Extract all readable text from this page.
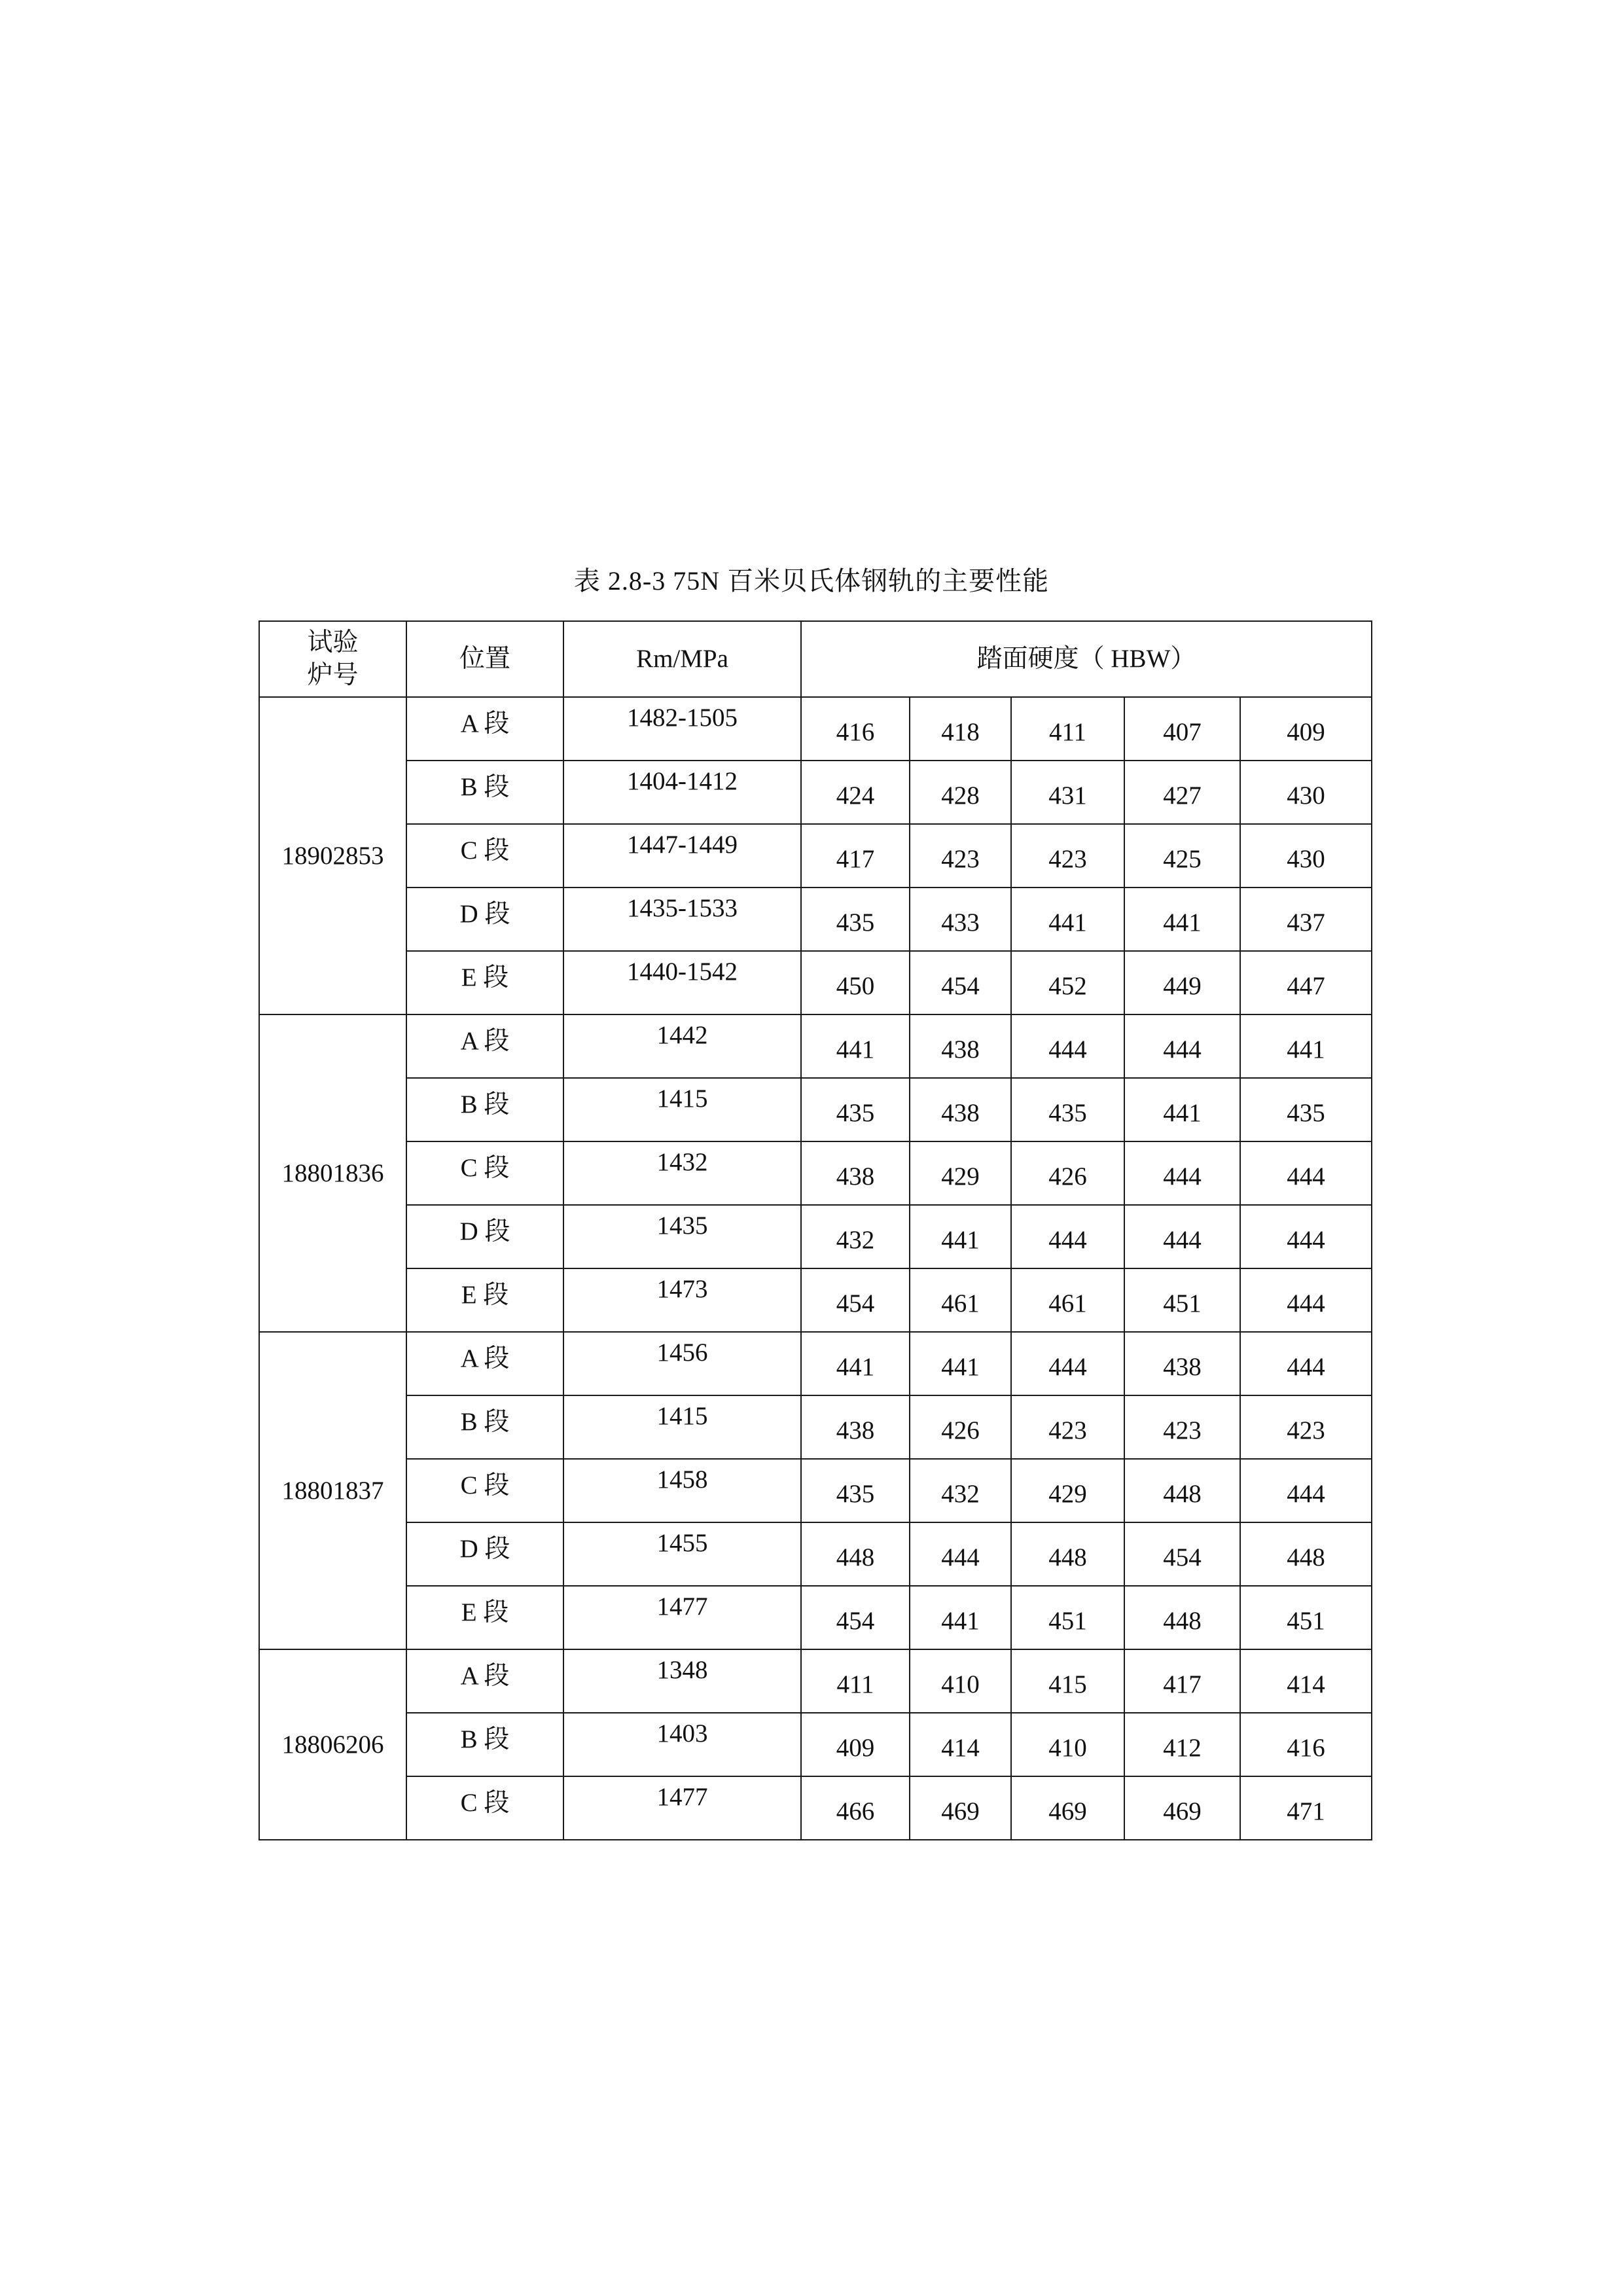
表 2.8-3 75N 百米贝氏体钢轨的主要性能
试验
炉号	位置	Rm/MPa	踏面硬度（ HBW）				
18902853	A 段	1482-1505	416	418	411	407	409
	B 段	1404-1412	424	428	431	427	430
	C 段	1447-1449	417	423	423	425	430
	D 段	1435-1533	435	433	441	441	437
	E 段	1440-1542	450	454	452	449	447
18801836	A 段	1442	441	438	444	444	441
	B 段	1415	435	438	435	441	435
	C 段	1432	438	429	426	444	444
	D 段	1435	432	441	444	444	444
	E 段	1473	454	461	461	451	444
18801837	A 段	1456	441	441	444	438	444
	B 段	1415	438	426	423	423	423
	C 段	1458	435	432	429	448	444
	D 段	1455	448	444	448	454	448
	E 段	1477	454	441	451	448	451
18806206	A 段	1348	411	410	415	417	414
	B 段	1403	409	414	410	412	416
	C 段	1477	466	469	469	469	471
